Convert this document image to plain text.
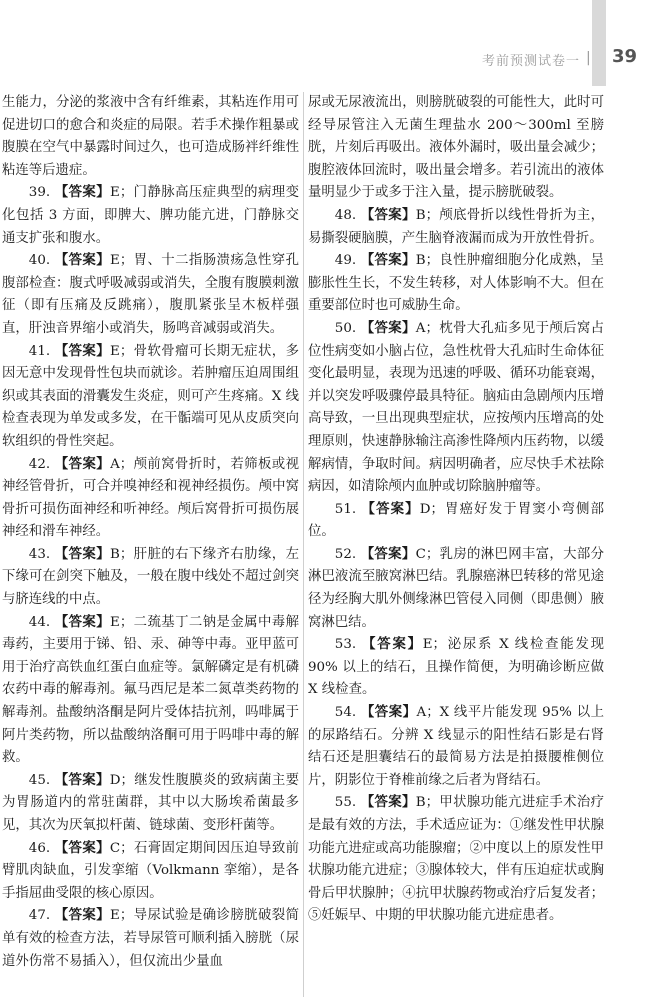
考前预测试卷一 | 39

生能力，分泌的浆液中含有纤维素，其粘连作用可促进切口的愈合和炎症的局限。若手术操作粗暴或腹膜在空气中暴露时间过久，也可造成肠袢纤维性粘连等后遗症。

39. 【答案】E；门静脉高压症典型的病理变化包括 3 方面，即脾大、脾功能亢进，门静脉交通支扩张和腹水。

40. 【答案】E；胃、十二指肠溃疡急性穿孔腹部检查：腹式呼吸减弱或消失，全腹有腹膜刺激征（即有压痛及反跳痛），腹肌紧张呈木板样强直，肝浊音界缩小或消失，肠鸣音减弱或消失。

41. 【答案】E；骨软骨瘤可长期无症状，多因无意中发现骨性包块而就诊。若肿瘤压迫周围组织或其表面的滑囊发生炎症，则可产生疼痛。X 线检查表现为单发或多发，在干骺端可见从皮质突向软组织的骨性突起。

42. 【答案】A；颅前窝骨折时，若筛板或视神经管骨折，可合并嗅神经和视神经损伤。颅中窝骨折可损伤面神经和听神经。颅后窝骨折可损伤展神经和滑车神经。

43. 【答案】B；肝脏的右下缘齐右肋缘，左下缘可在剑突下触及，一般在腹中线处不超过剑突与脐连线的中点。

44. 【答案】E；二巯基丁二钠是金属中毒解毒药，主要用于锑、铅、汞、砷等中毒。亚甲蓝可用于治疗高铁血红蛋白血症等。氯解磷定是有机磷农药中毒的解毒剂。氟马西尼是苯二氮䓬类药物的解毒剂。盐酸纳洛酮是阿片受体拮抗剂，吗啡属于阿片类药物，所以盐酸纳洛酮可用于吗啡中毒的解救。

45. 【答案】D；继发性腹膜炎的致病菌主要为胃肠道内的常驻菌群，其中以大肠埃希菌最多见，其次为厌氧拟杆菌、链球菌、变形杆菌等。

46. 【答案】C；石膏固定期间因压迫导致前臂肌肉缺血，引发挛缩（Volkmann 挛缩），是各手指屈曲受限的核心原因。

47. 【答案】E；导尿试验是确诊膀胱破裂简单有效的检查方法，若导尿管可顺利插入膀胱（尿道外伤常不易插入），但仅流出少量血

尿或无尿液流出，则膀胱破裂的可能性大，此时可经导尿管注入无菌生理盐水 200～300ml 至膀胱，片刻后再吸出。液体外漏时，吸出量会减少；腹腔液体回流时，吸出量会增多。若引流出的液体量明显少于或多于注入量，提示膀胱破裂。

48. 【答案】B；颅底骨折以线性骨折为主，易撕裂硬脑膜，产生脑脊液漏而成为开放性骨折。

49. 【答案】B；良性肿瘤细胞分化成熟，呈膨胀性生长，不发生转移，对人体影响不大。但在重要部位时也可威胁生命。

50. 【答案】A；枕骨大孔疝多见于颅后窝占位性病变如小脑占位，急性枕骨大孔疝时生命体征变化最明显，表现为迅速的呼吸、循环功能衰竭，并以突发呼吸骤停最具特征。脑疝由急剧颅内压增高导致，一旦出现典型症状，应按颅内压增高的处理原则，快速静脉输注高渗性降颅内压药物，以缓解病情，争取时间。病因明确者，应尽快手术祛除病因，如清除颅内血肿或切除脑肿瘤等。

51. 【答案】D；胃癌好发于胃窦小弯侧部位。

52. 【答案】C；乳房的淋巴网丰富，大部分淋巴液流至腋窝淋巴结。乳腺癌淋巴转移的常见途径为经胸大肌外侧缘淋巴管侵入同侧（即患侧）腋窝淋巴结。

53. 【答案】E；泌尿系 X 线检查能发现 90% 以上的结石，且操作简便，为明确诊断应做 X 线检查。

54. 【答案】A；X 线平片能发现 95% 以上的尿路结石。分辨 X 线显示的阳性结石影是右肾结石还是胆囊结石的最简易方法是拍摄腰椎侧位片，阴影位于脊椎前缘之后者为肾结石。

55. 【答案】B；甲状腺功能亢进症手术治疗是最有效的方法，手术适应证为：①继发性甲状腺功能亢进症或高功能腺瘤；②中度以上的原发性甲状腺功能亢进症；③腺体较大，伴有压迫症状或胸骨后甲状腺肿；④抗甲状腺药物或治疗后复发者；⑤妊娠早、中期的甲状腺功能亢进症患者。
